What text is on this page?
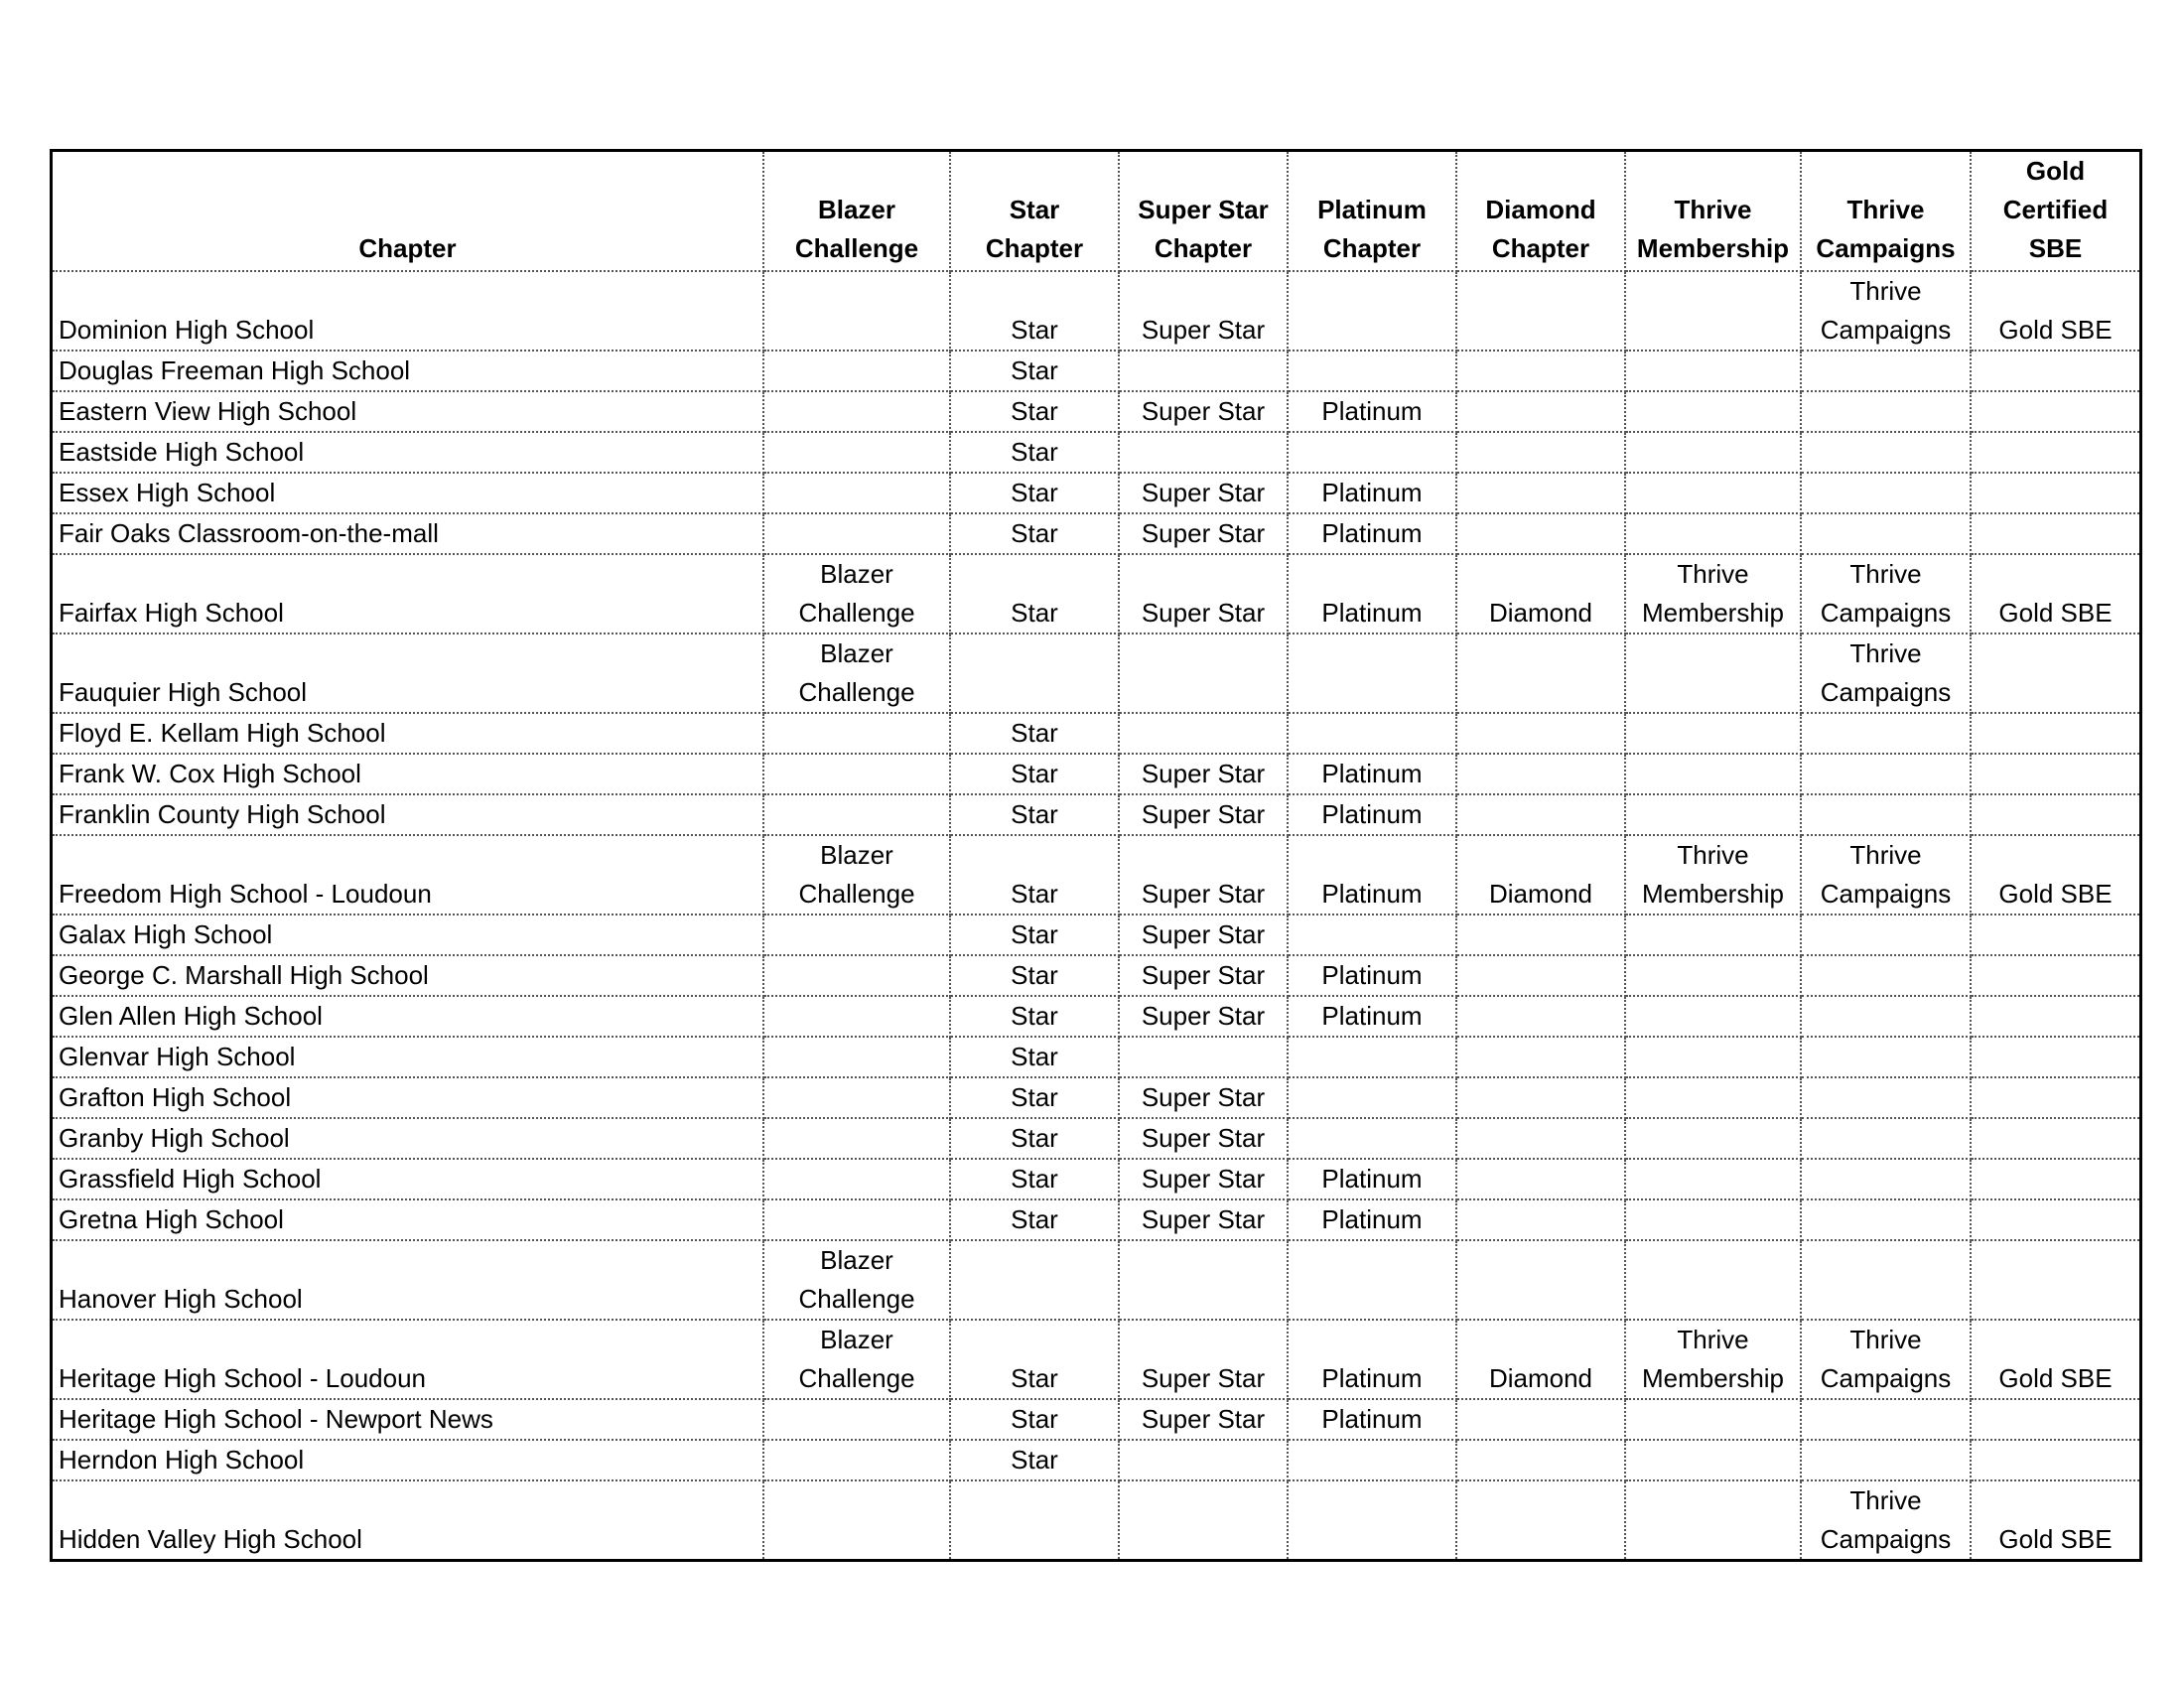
Chapter	Blazer Challenge	Star Chapter	Super Star Chapter	Platinum Chapter	Diamond Chapter	Thrive Membership	Thrive Campaigns	Gold Certified SBE
Dominion High School		Star	Super Star				Thrive Campaigns	Gold SBE
Douglas Freeman High School		Star						
Eastern View High School		Star	Super Star	Platinum				
Eastside High School		Star						
Essex High School		Star	Super Star	Platinum				
Fair Oaks Classroom-on-the-mall		Star	Super Star	Platinum				
Fairfax High School	Blazer Challenge	Star	Super Star	Platinum	Diamond	Thrive Membership	Thrive Campaigns	Gold SBE
Fauquier High School	Blazer Challenge						Thrive Campaigns	
Floyd E. Kellam High School		Star						
Frank W. Cox High School		Star	Super Star	Platinum				
Franklin County High School		Star	Super Star	Platinum				
Freedom High School - Loudoun	Blazer Challenge	Star	Super Star	Platinum	Diamond	Thrive Membership	Thrive Campaigns	Gold SBE
Galax High School		Star	Super Star					
George C. Marshall High School		Star	Super Star	Platinum				
Glen Allen High School		Star	Super Star	Platinum				
Glenvar High School		Star						
Grafton High School		Star	Super Star					
Granby High School		Star	Super Star					
Grassfield High School		Star	Super Star	Platinum				
Gretna High School		Star	Super Star	Platinum				
Hanover High School	Blazer Challenge							
Heritage High School - Loudoun	Blazer Challenge	Star	Super Star	Platinum	Diamond	Thrive Membership	Thrive Campaigns	Gold SBE
Heritage High School - Newport News		Star	Super Star	Platinum				
Herndon High School		Star						
Hidden Valley High School							Thrive Campaigns	Gold SBE
